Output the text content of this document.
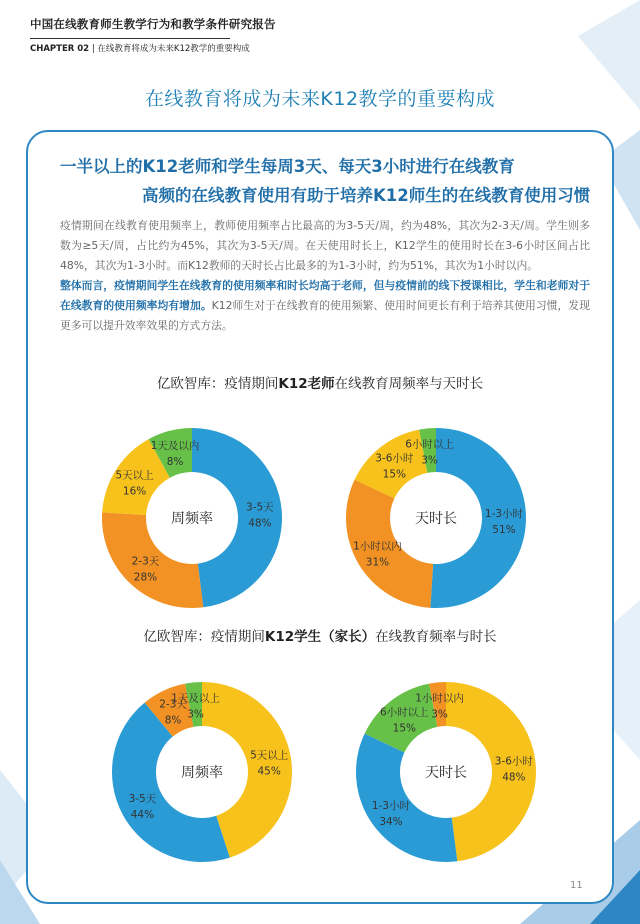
中国在线教育师生教学行为和教学条件研究报告
CHAPTER 02 | 在线教育将成为未来K12教学的重要构成
在线教育将成为未来K12教学的重要构成
一半以上的K12老师和学生每周3天、每天3小时进行在线教育
高频的在线教育使用有助于培养K12师生的在线教育使用习惯

疫情期间在线教育使用频率上，教师使用频率占比最高的为3-5天/周，约为48%，其次为2-3天/周。学生则多数为≥5天/周，占比约为45%，其次为3-5天/周。在天使用时长上，K12学生的使用时长在3-6小时区间占比48%，其次为1-3小时。而K12教师的天时长占比最多的为1-3小时，约为51%，其次为1小时以内。

整体而言，疫情期间学生在线教育的使用频率和时长均高于老师，但与疫情前的线下授课相比，学生和老师对于在线教育的使用频率均有增加。K12师生对于在线教育的使用频繁、使用时间更长有利于培养其使用习惯，发现更多可以提升效率效果的方式方法。

亿欧智库：疫情期间K12老师在线教育周频率与天时长
亿欧智库：疫情期间K12学生（家长）在线教育频率与时长
3-5天
48%
2-3天
28%
5天以上
16%
1天及以内
8%
周频率	1-3小时
51%
1小时以内
31%
3-6小时
15%
6小时以上
3%
天时长
5天以上
45%
3-5天
44%
2-3天
8%
1天及以上
3%
周频率
3-6小时
48%
1-3小时
34%
6小时以上
15%
1小时以内
3%
天时长
11
